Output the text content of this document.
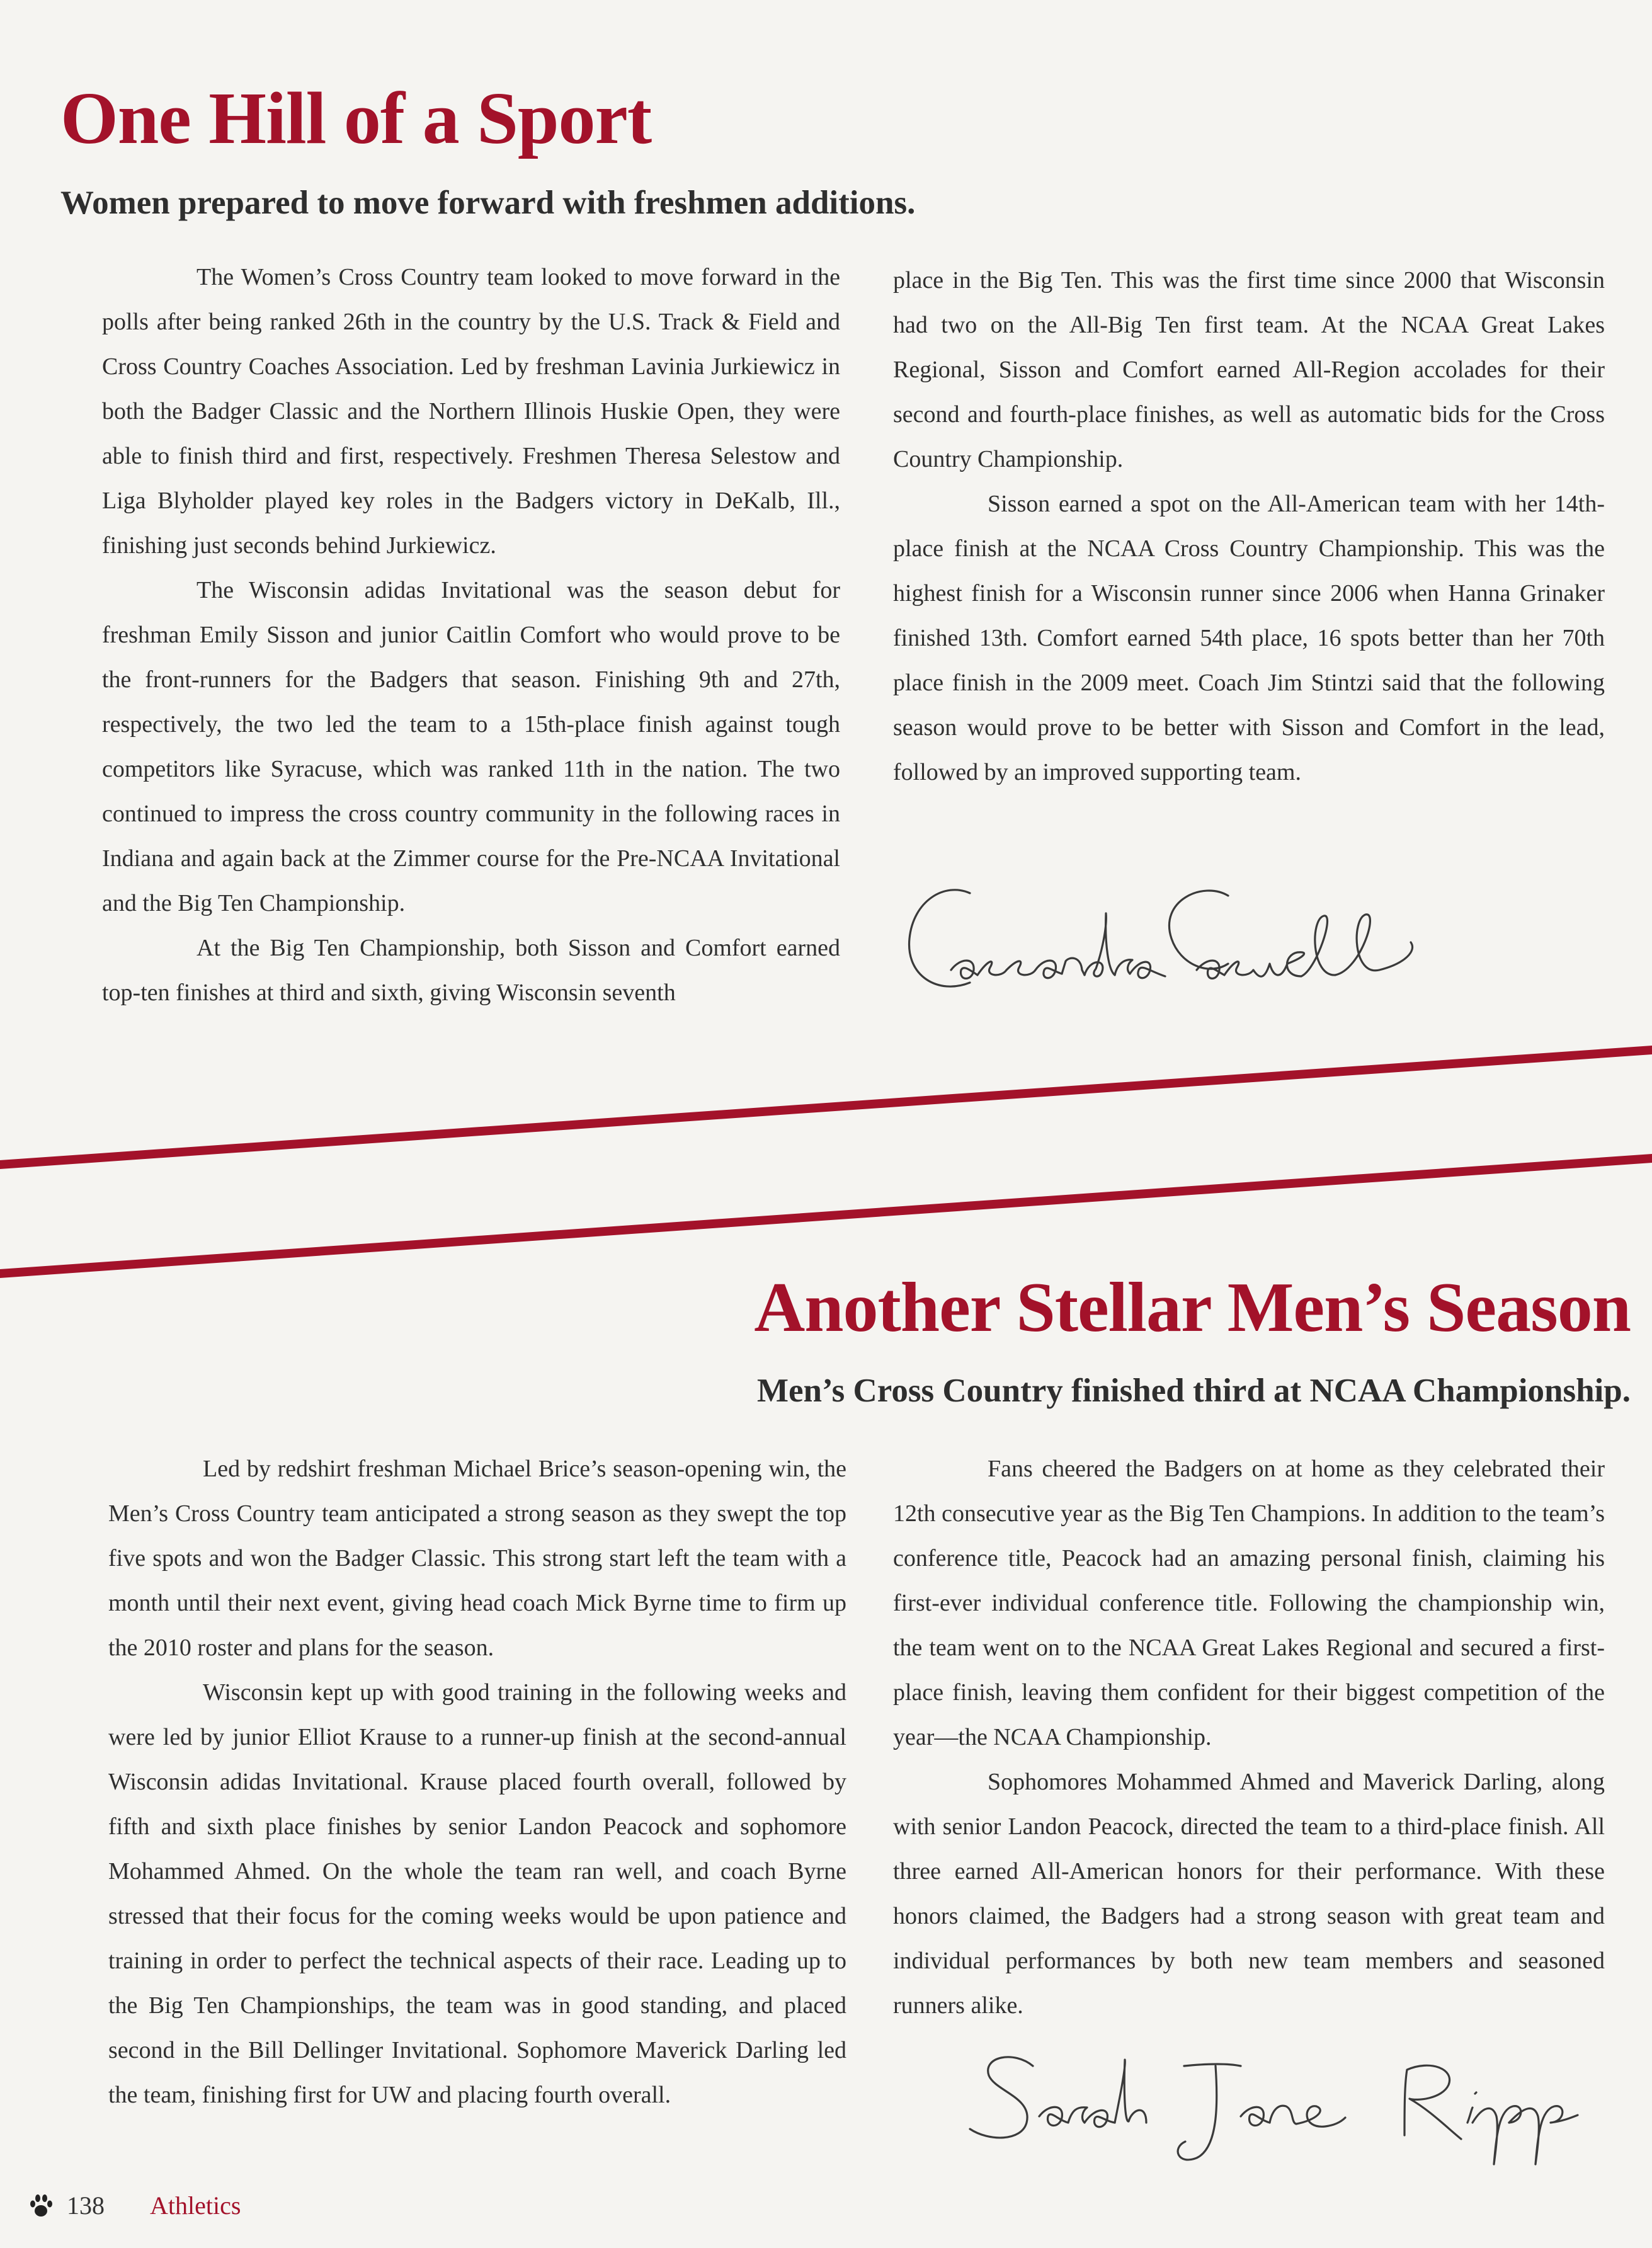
One Hill of a Sport
Women prepared to move forward with freshmen additions.

The Women’s Cross Country team looked to move forward in the polls after being ranked 26th in the country by the U.S. Track & Field and Cross Country Coaches Association. Led by freshman Lavinia Jurkiewicz in both the Badger Classic and the Northern Illinois Huskie Open, they were able to finish third and first, respectively. Freshmen Theresa Selestow and Liga Blyholder played key roles in the Badgers victory in DeKalb, Ill., finishing just seconds behind Jurkiewicz.

The Wisconsin adidas Invitational was the season debut for freshman Emily Sisson and junior Caitlin Comfort who would prove to be the front-runners for the Badgers that season. Finishing 9th and 27th, respectively, the two led the team to a 15th-place finish against tough competitors like Syracuse, which was ranked 11th in the nation. The two continued to impress the cross country community in the following races in Indiana and again back at the Zimmer course for the Pre-NCAA Invitational and the Big Ten Championship.

At the Big Ten Championship, both Sisson and Comfort earned top-ten finishes at third and sixth, giving Wisconsin seventh

place in the Big Ten. This was the first time since 2000 that Wisconsin had two on the All-Big Ten first team. At the NCAA Great Lakes Regional, Sisson and Comfort earned All-Region accolades for their second and fourth-place finishes, as well as automatic bids for the Cross Country Championship.

Sisson earned a spot on the All-American team with her 14th-place finish at the NCAA Cross Country Championship. This was the highest finish for a Wisconsin runner since 2006 when Hanna Grinaker finished 13th. Comfort earned 54th place, 16 spots better than her 70th place finish in the 2009 meet. Coach Jim Stintzi said that the following season would prove to be better with Sisson and Comfort in the lead, followed by an improved supporting team.

Another Stellar Men’s Season
Men’s Cross Country finished third at NCAA Championship.

Led by redshirt freshman Michael Brice’s season-opening win, the Men’s Cross Country team anticipated a strong season as they swept the top five spots and won the Badger Classic. This strong start left the team with a month until their next event, giving head coach Mick Byrne time to firm up the 2010 roster and plans for the season.

Wisconsin kept up with good training in the following weeks and were led by junior Elliot Krause to a runner-up finish at the second-annual Wisconsin adidas Invitational. Krause placed fourth overall, followed by fifth and sixth place finishes by senior Landon Peacock and sophomore Mohammed Ahmed. On the whole the team ran well, and coach Byrne stressed that their focus for the coming weeks would be upon patience and training in order to perfect the technical aspects of their race. Leading up to the Big Ten Championships, the team was in good standing, and placed second in the Bill Dellinger Invitational. Sophomore Maverick Darling led the team, finishing first for UW and placing fourth overall.

Fans cheered the Badgers on at home as they celebrated their 12th consecutive year as the Big Ten Champions. In addition to the team’s conference title, Peacock had an amazing personal finish, claiming his first-ever individual conference title. Following the championship win, the team went on to the NCAA Great Lakes Regional and secured a first-place finish, leaving them confident for their biggest competition of the year—the NCAA Championship.

Sophomores Mohammed Ahmed and Maverick Darling, along with senior Landon Peacock, directed the team to a third-place finish. All three earned All-American honors for their performance. With these honors claimed, the Badgers had a strong season with great team and individual performances by both new team members and seasoned runners alike.

138 Athletics
